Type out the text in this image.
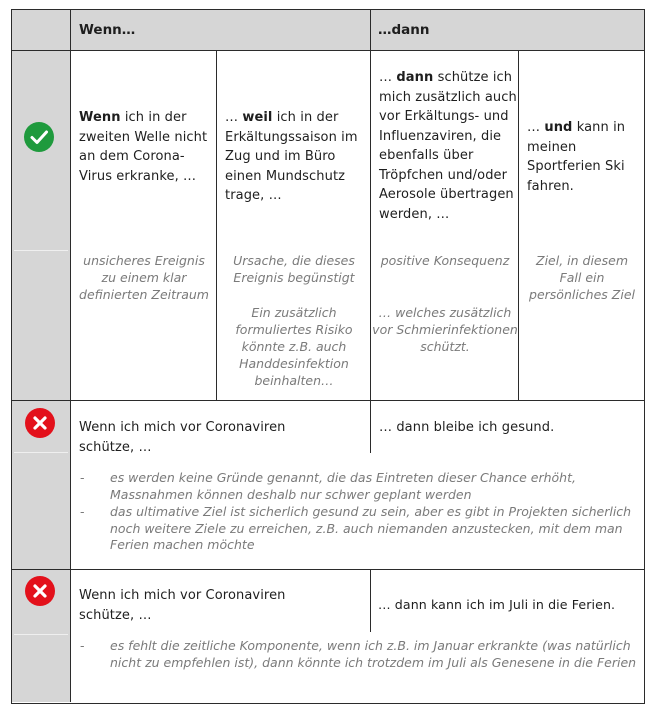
Wenn…	…dann
Wenn ich in der zweiten Welle nicht an dem Corona-Virus erkranke, …
… weil ich in der Erkältungssaison im Zug und im Büro einen Mundschutz trage, …
… dann schütze ich mich zusätzlich auch vor Erkältungs- und Influenzaviren, die ebenfalls über Tröpfchen und/oder Aerosole übertragen werden, …
… und kann in meinen Sportferien Ski fahren.
unsicheres Ereignis zu einem klar definierten Zeitraum
Ursache, die dieses Ereignis begünstigt
Ein zusätzlich formuliertes Risiko könnte z.B. auch Handdesinfektion beinhalten…
positive Konsequenz
… welches zusätzlich vor Schmierinfektionen schützt.
Ziel, in diesem Fall ein persönliches Ziel
Wenn ich mich vor Coronaviren schütze, …
… dann bleibe ich gesund.
- es werden keine Gründe genannt, die das Eintreten dieser Chance erhöht, Massnahmen können deshalb nur schwer geplant werden
- das ultimative Ziel ist sicherlich gesund zu sein, aber es gibt in Projekten sicherlich noch weitere Ziele zu erreichen, z.B. auch niemanden anzustecken, mit dem man Ferien machen möchte
Wenn ich mich vor Coronaviren schütze, …
… dann kann ich im Juli in die Ferien.
- es fehlt die zeitliche Komponente, wenn ich z.B. im Januar erkrankte (was natürlich nicht zu empfehlen ist), dann könnte ich trotzdem im Juli als Genesene in die Ferien
